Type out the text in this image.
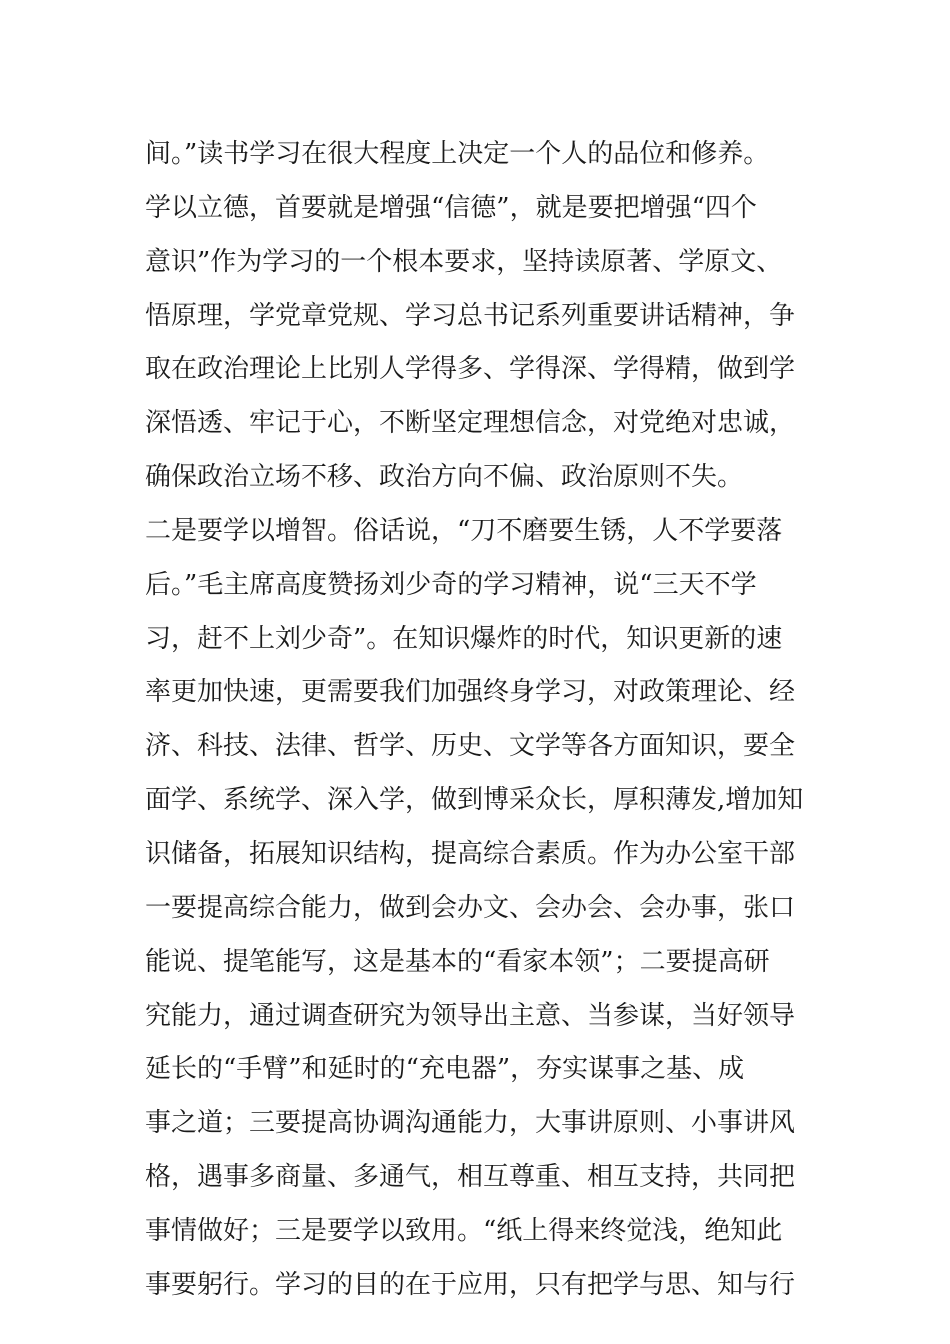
间。”读书学习在很大程度上决定一个人的品位和修养。
学以立德，首要就是增强“信德”，就是要把增强“四个
意识”作为学习的一个根本要求，坚持读原著、学原文、
悟原理，学党章党规、学习总书记系列重要讲话精神，争
取在政治理论上比别人学得多、学得深、学得精，做到学
深悟透、牢记于心，不断坚定理想信念，对党绝对忠诚，
确保政治立场不移、政治方向不偏、政治原则不失。
二是要学以增智。俗话说，“刀不磨要生锈，人不学要落
后。”毛主席高度赞扬刘少奇的学习精神，说“三天不学
习，赶不上刘少奇”。在知识爆炸的时代，知识更新的速
率更加快速，更需要我们加强终身学习，对政策理论、经
济、科技、法律、哲学、历史、文学等各方面知识，要全
面学、系统学、深入学，做到博采众长，厚积薄发,增加知
识储备，拓展知识结构，提高综合素质。作为办公室干部
一要提高综合能力，做到会办文、会办会、会办事，张口
能说、提笔能写，这是基本的“看家本领”；二要提高研
究能力，通过调查研究为领导出主意、当参谋，当好领导
延长的“手臂”和延时的“充电器”，夯实谋事之基、成
事之道；三要提高协调沟通能力，大事讲原则、小事讲风
格，遇事多商量、多通气，相互尊重、相互支持，共同把
事情做好；三是要学以致用。“纸上得来终觉浅，绝知此
事要躬行。学习的目的在于应用，只有把学与思、知与行
